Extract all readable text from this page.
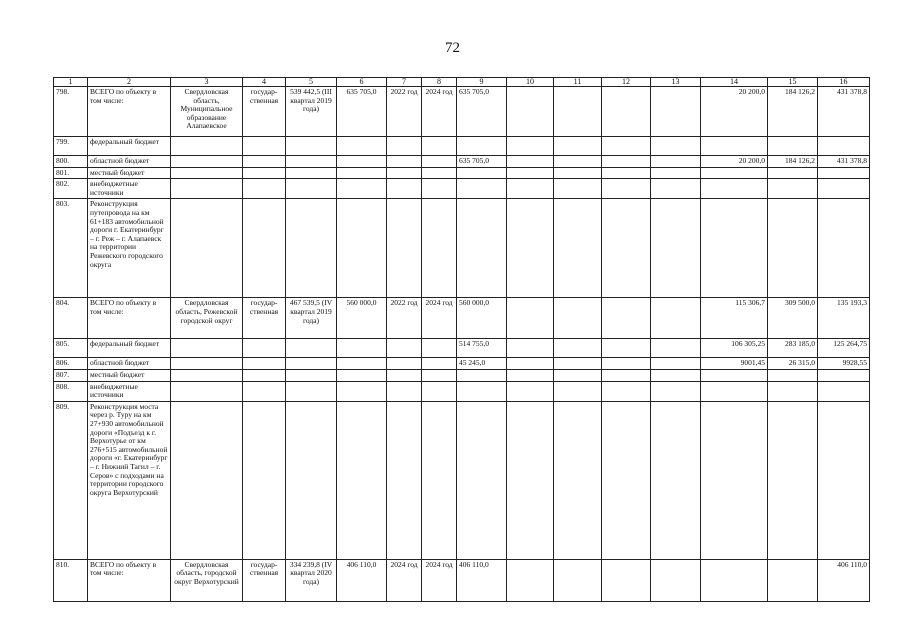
72
1	2	3	4	5	6	7	8	9	10	11	12	13	14	15	16
798.	ВСЕГО по объекту в том числе:	Свердловская область, Муниципальное образование Алапаевское	государ-ственная	539 442,5 (III квартал 2019 года)	635 705,0	2022 год	2024 год	635 705,0					20 200,0	184 126,2	431 378,8
799.	федеральный бюджет														
800.	областной бюджет							635 705,0					20 200,0	184 126,2	431 378,8
801.	местный бюджет														
802.	внебюджетные источники														
803.	Реконструкция путепровода на км 61+183 автомобильной дороги г. Екатеринбург – г. Реж – г. Алапаевск на территории Режевского городского округа														
804.	ВСЕГО по объекту в том числе:	Свердловская область, Режевской городской округ	государ-ственная	467 539,5 (IV квартал 2019 года)	560 000,0	2022 год	2024 год	560 000,0					115 306,7	309 500,0	135 193,3
805.	федеральный бюджет							514 755,0					106 305,25	283 185,0	125 264,75
806.	областной бюджет							45 245,0					9001,45	26 315,0	9928,55
807.	местный бюджет														
808.	внебюджетные источники														
809.	Реконструкция моста через р. Туру на км 27+930 автомобильной дороги «Подъезд к г. Верхотурье от км 276+515 автомобильной дороги «г. Екатеринбург – г. Нижний Тагил – г. Серов» с подходами на территории городского округа Верхотурский														
810.	ВСЕГО по объекту в том числе:	Свердловская область, городской округ Верхотурский	государ-ственная	334 239,8 (IV квартал 2020 года)	406 110,0	2024 год	2024 год	406 110,0							406 110,0
